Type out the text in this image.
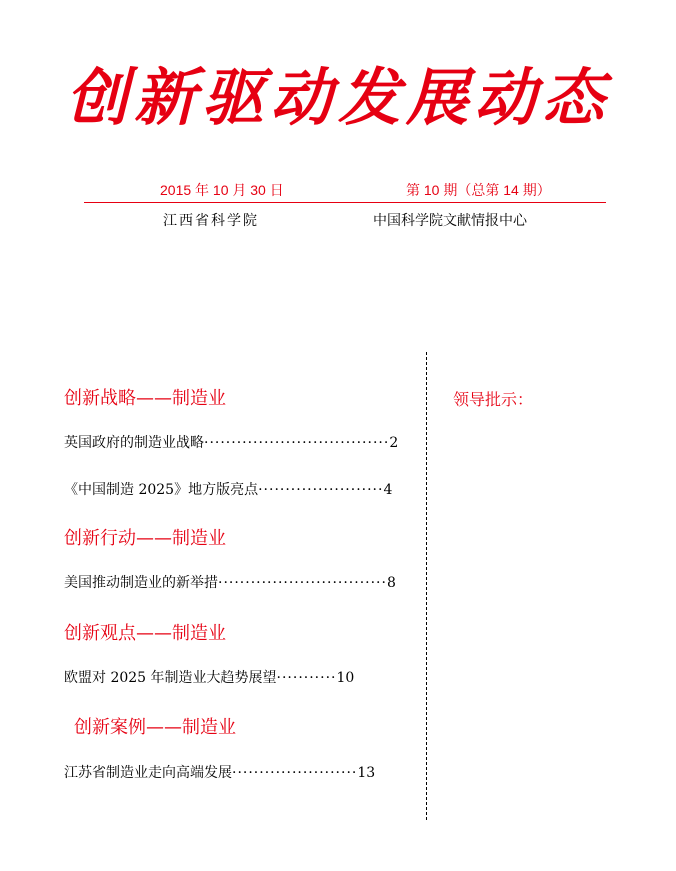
创新驱动发展动态
2015 年 10 月 30 日	第 10 期（总第 14 期）
江西省科学院	中国科学院文献情报中心
创新战略——制造业
英国政府的制造业战略··································2
《中国制造 2025》地方版亮点·······················4
创新行动——制造业
美国推动制造业的新举措·······························8
创新观点——制造业
欧盟对 2025 年制造业大趋势展望···········10
创新案例——制造业
江苏省制造业走向高端发展·······················13
领导批示：
